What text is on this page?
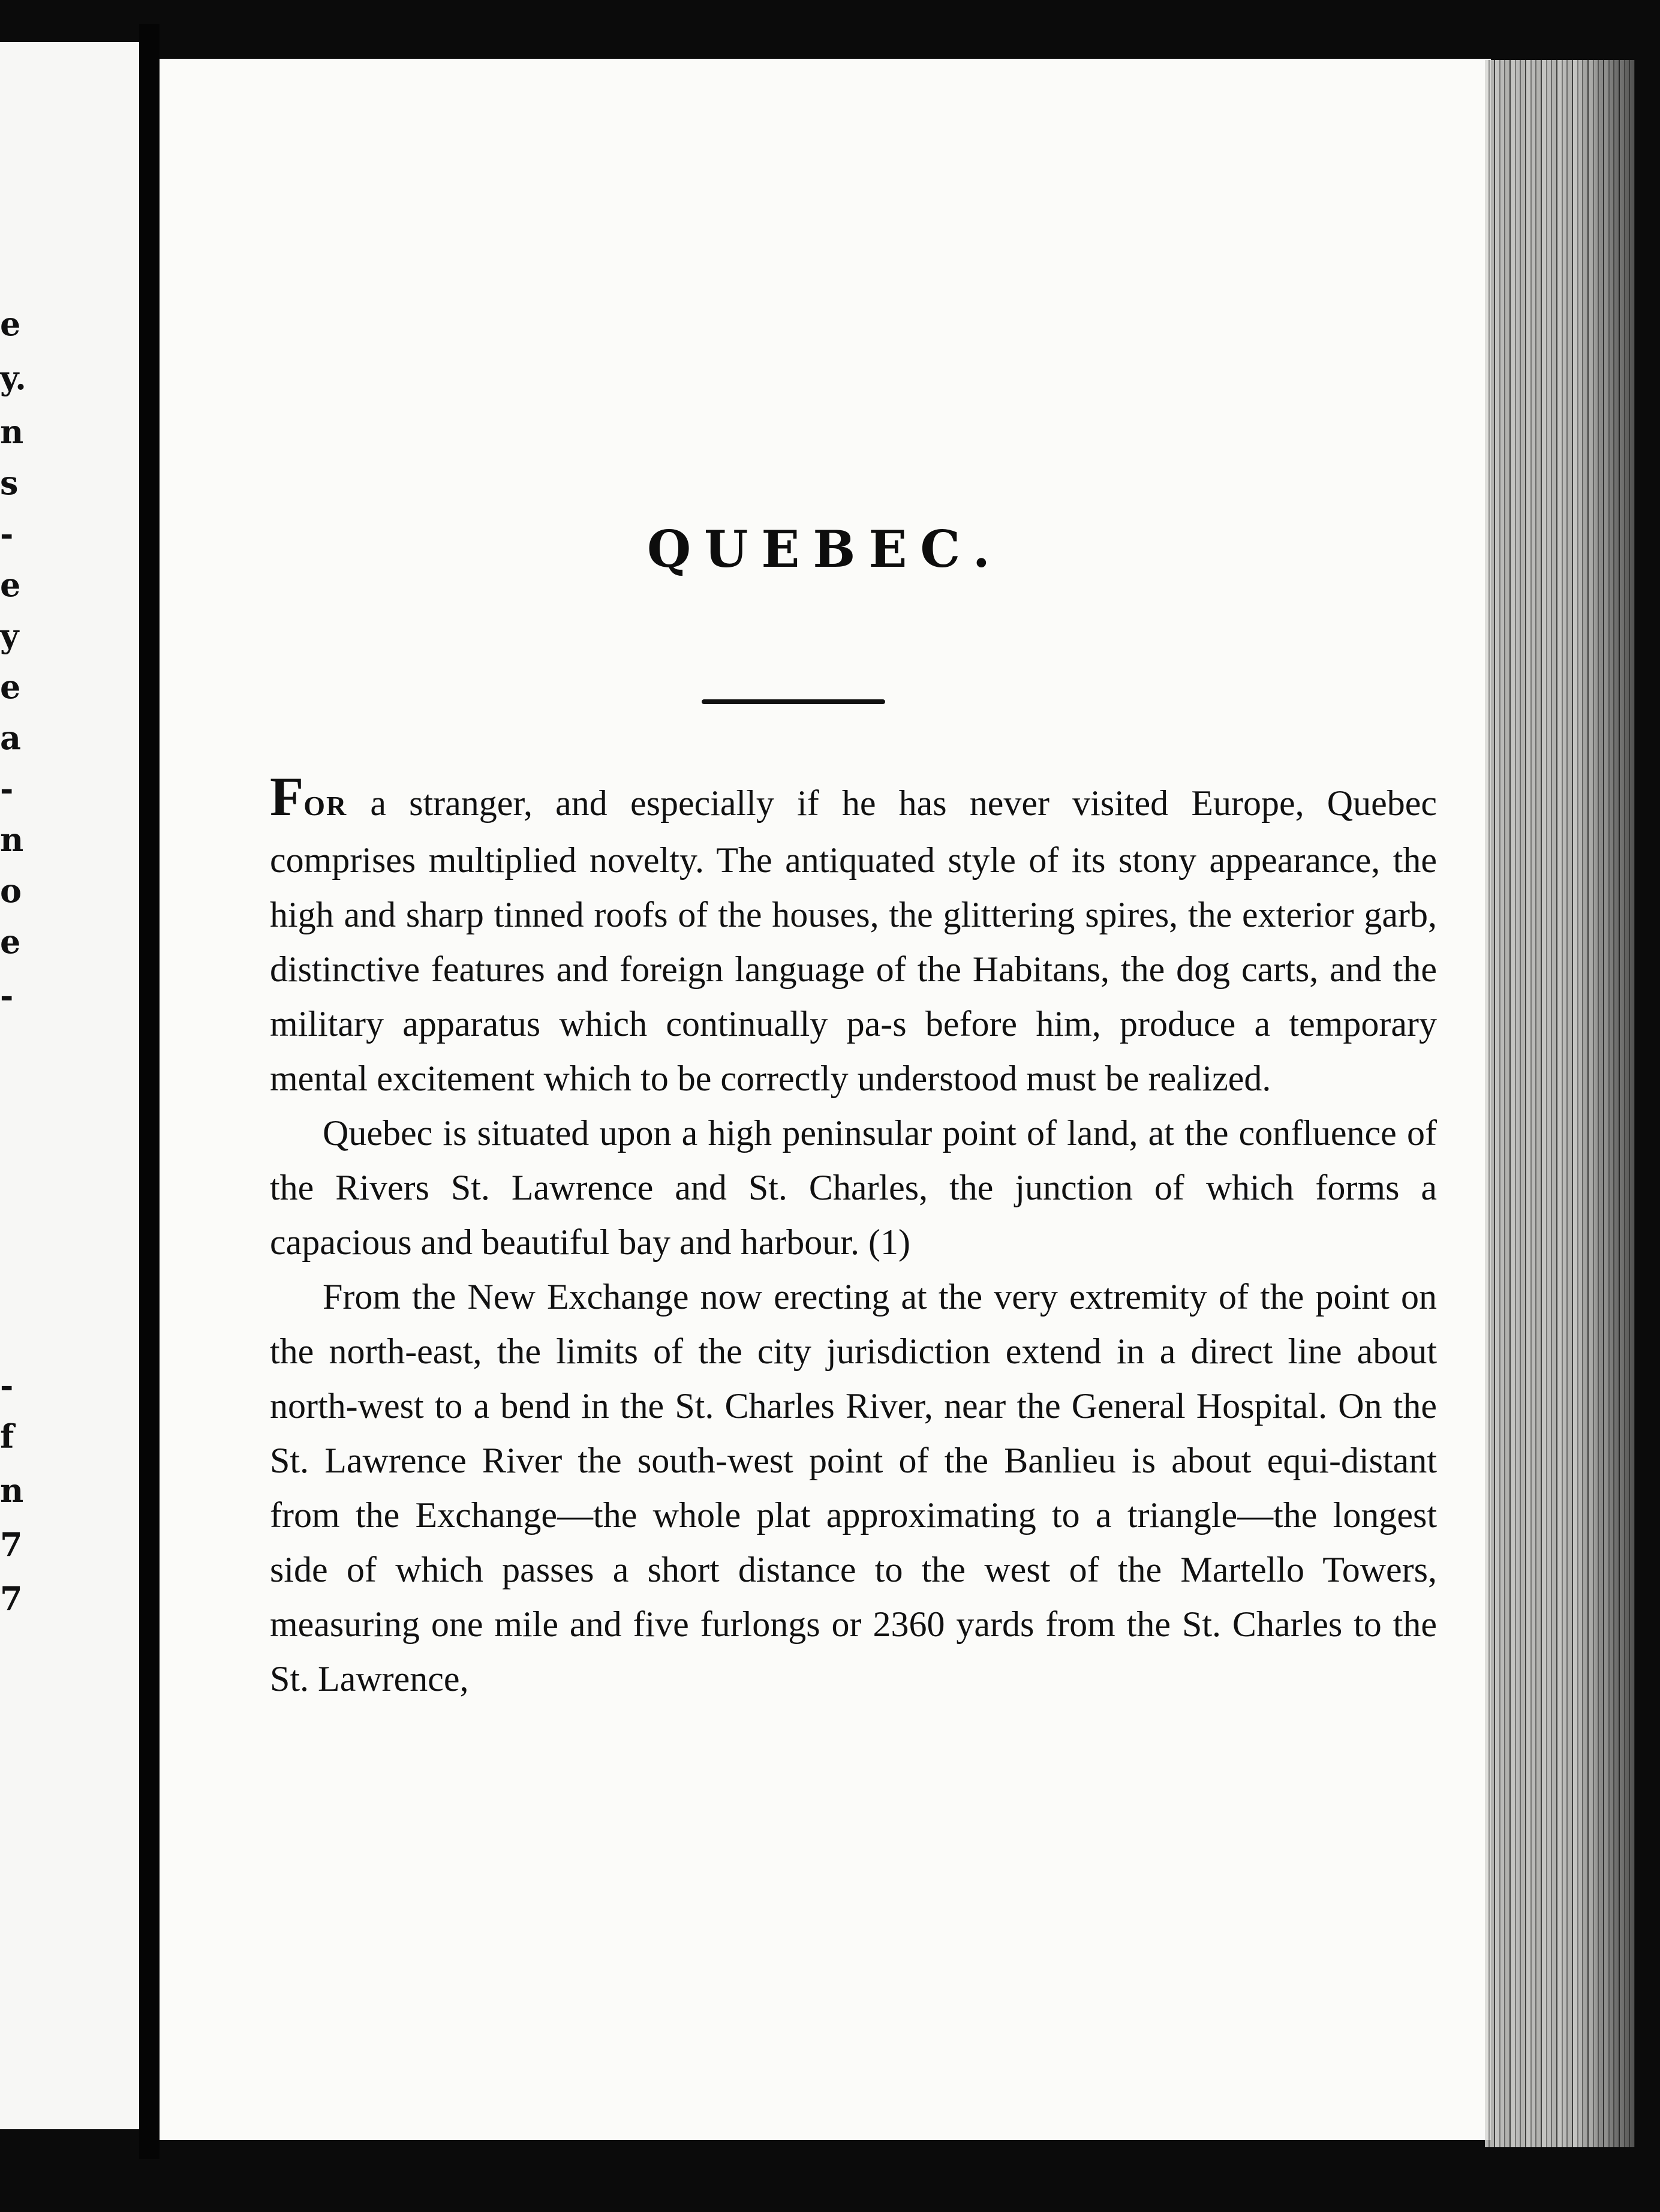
e
y.
n
s
-
e
y
e
a
-
n
o
e
-
-
f
n
7
7
QUEBEC.

FOR a stranger, and especially if he has never visited Europe, Quebec comprises multiplied novelty. The antiquated style of its stony appearance, the high and sharp tinned roofs of the houses, the glittering spires, the exterior garb, distinctive features and foreign language of the Habitans, the dog carts, and the military apparatus which continually pa-s before him, produce a temporary mental excitement which to be correctly understood must be realized.

Quebec is situated upon a high peninsular point of land, at the confluence of the Rivers St. Lawrence and St. Charles, the junction of which forms a capacious and beautiful bay and harbour. (1)

From the New Exchange now erecting at the very extremity of the point on the north-east, the limits of the city jurisdiction extend in a direct line about north-west to a bend in the St. Charles River, near the General Hospital. On the St. Lawrence River the south-west point of the Banlieu is about equi-distant from the Exchange—the whole plat approximating to a triangle—the longest side of which passes a short distance to the west of the Martello Towers, measuring one mile and five furlongs or 2360 yards from the St. Charles to the St. Lawrence,
